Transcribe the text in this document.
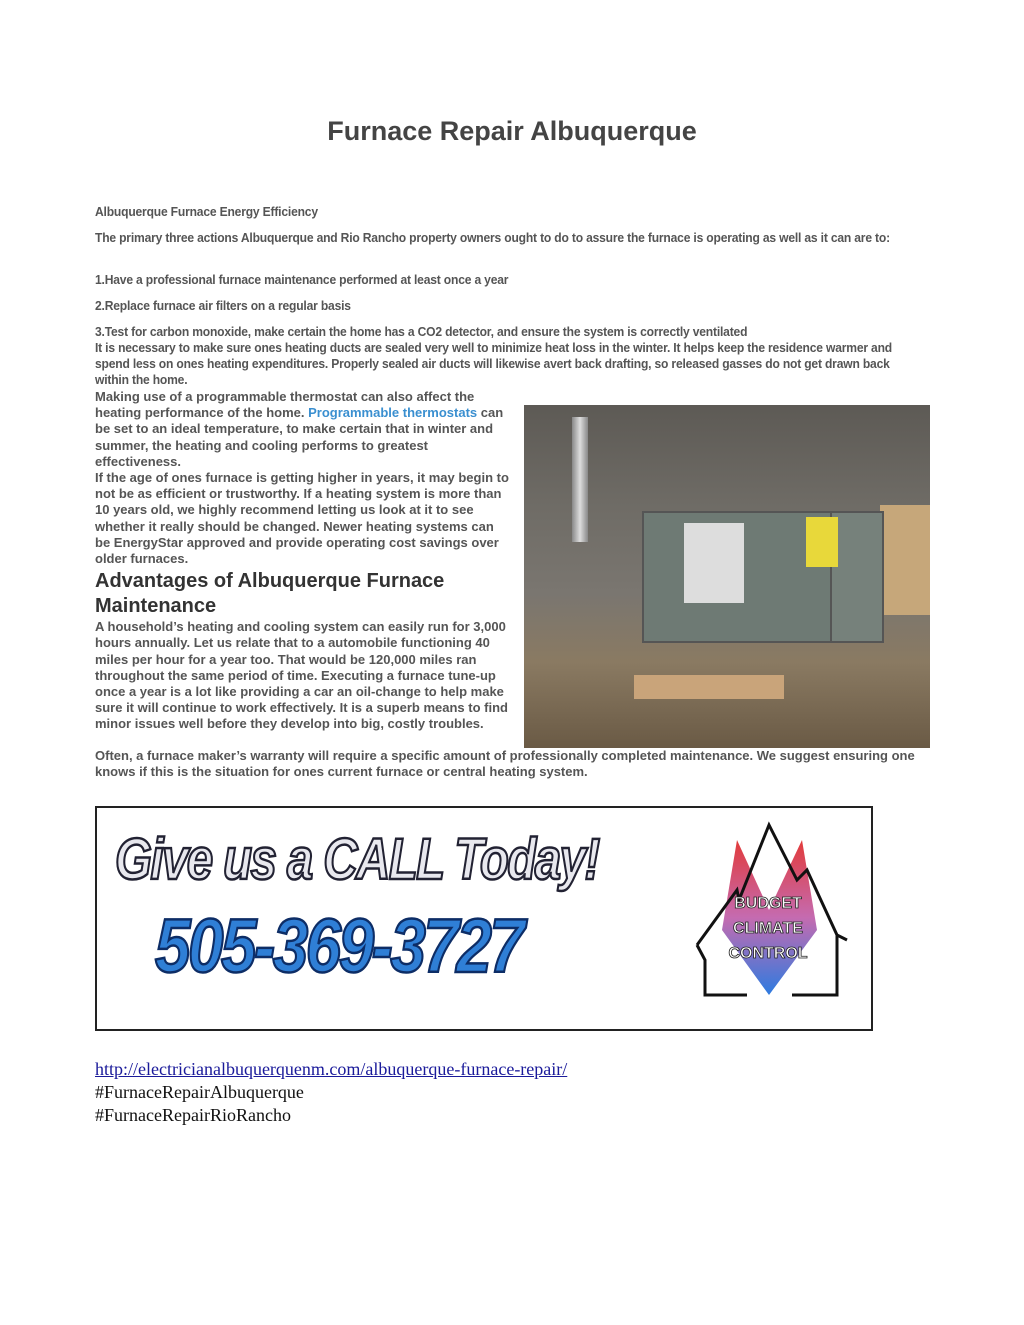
Furnace Repair Albuquerque
Albuquerque Furnace Energy Efficiency
The primary three actions Albuquerque and Rio Rancho property owners ought to do to assure the furnace is operating as well as it can are to:
1.Have a professional furnace maintenance performed at least once a year
2.Replace furnace air filters on a regular basis
3.Test for carbon monoxide, make certain the home has a CO2 detector, and ensure the system is correctly ventilated
It is necessary to make sure ones heating ducts are sealed very well to minimize heat loss in the winter. It helps keep the residence warmer and spend less on ones heating expenditures. Properly sealed air ducts will likewise avert back drafting, so released gasses do not get drawn back within the home.

Making use of a programmable thermostat can also affect the heating performance of the home. Programmable thermostats can be set to an ideal temperature, to make certain that in winter and summer, the heating and cooling performs to greatest effectiveness.

If the age of ones furnace is getting higher in years, it may begin to not be as efficient or trustworthy. If a heating system is more than 10 years old, we highly recommend letting us look at it to see whether it really should be changed. Newer heating systems can be EnergyStar approved and provide operating cost savings over older furnaces.

Advantages of Albuquerque Furnace Maintenance

A household’s heating and cooling system can easily run for 3,000 hours annually. Let us relate that to a automobile functioning 40 miles per hour for a year too. That would be 120,000 miles ran throughout the same period of time. Executing a furnace tune-up once a year is a lot like providing a car an oil-change to help make sure it will continue to work effectively. It is a superb means to find minor issues well before they develop into big, costly troubles.

Often, a furnace maker’s warranty will require a specific amount of professionally completed maintenance. We suggest ensuring one knows if this is the situation for ones current furnace or central heating system.

Give us a CALL Today!
505-369-3727
BUDGET
CLIMATE
CONTROL
http://electricianalbuquerquenm.com/albuquerque-furnace-repair/
#FurnaceRepairAlbuquerque
#FurnaceRepairRioRancho
